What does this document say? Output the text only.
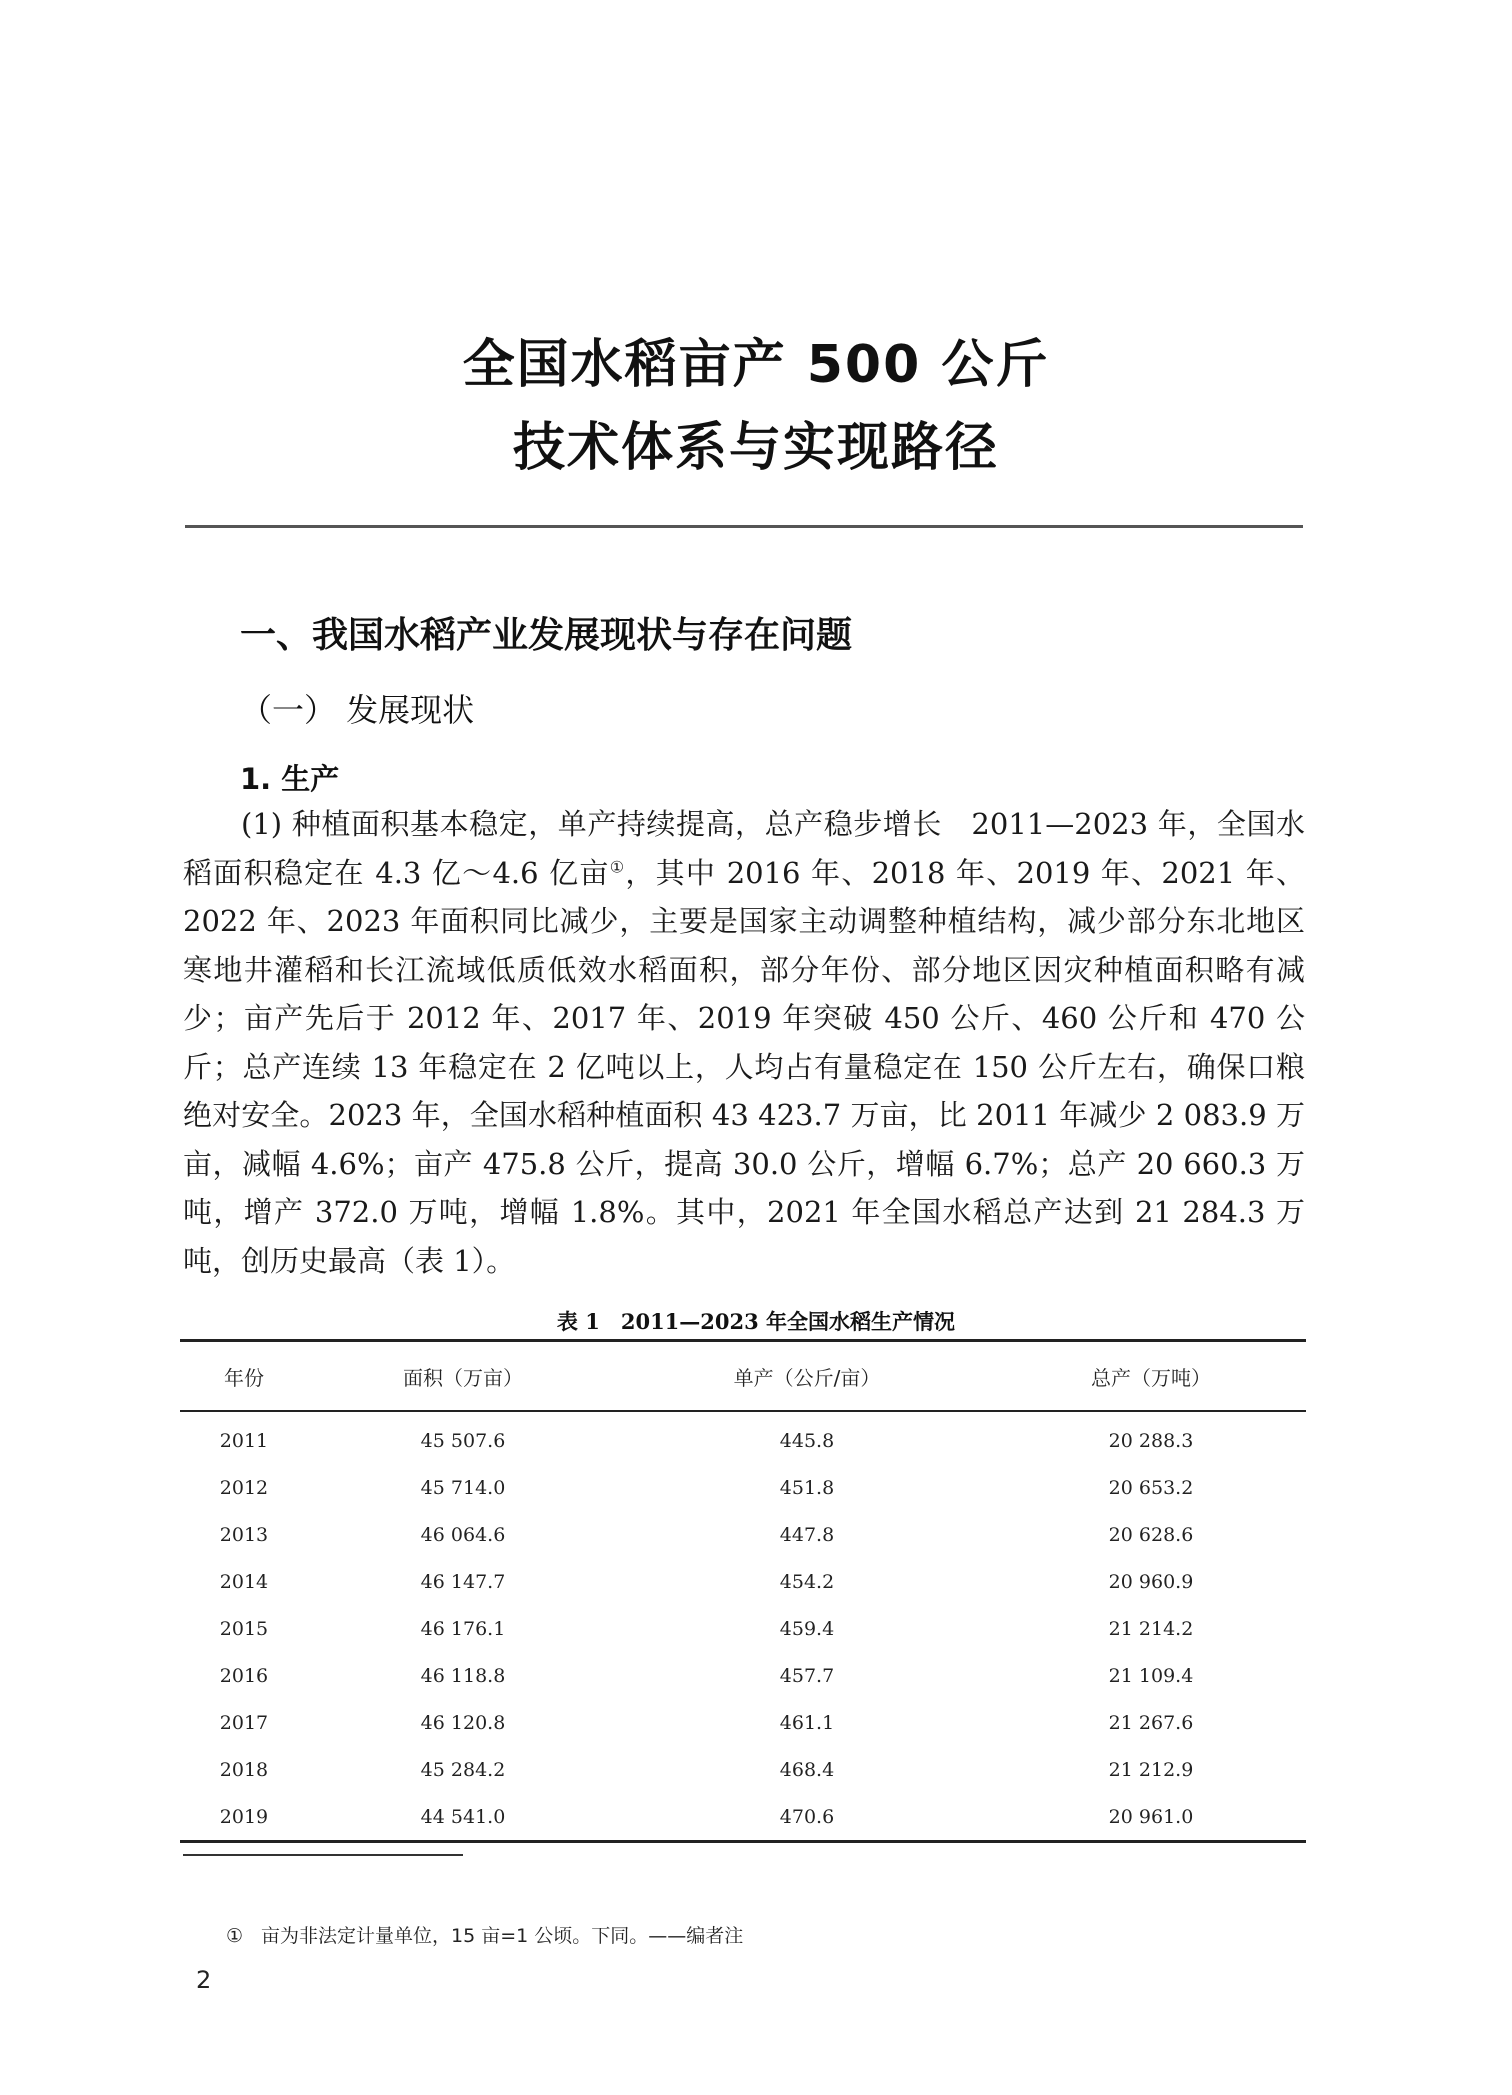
全国水稻亩产 500 公斤
技术体系与实现路径
一、我国水稻产业发展现状与存在问题
（一） 发展现状
1. 生产

(1) 种植面积基本稳定，单产持续提高，总产稳步增长　2011—2023 年，全国水稻面积稳定在 4.3 亿～4.6 亿亩①，其中 2016 年、2018 年、2019 年、2021 年、2022 年、2023 年面积同比减少，主要是国家主动调整种植结构，减少部分东北地区寒地井灌稻和长江流域低质低效水稻面积，部分年份、部分地区因灾种植面积略有减少；亩产先后于 2012 年、2017 年、2019 年突破 450 公斤、460 公斤和 470 公斤；总产连续 13 年稳定在 2 亿吨以上，人均占有量稳定在 150 公斤左右，确保口粮绝对安全。2023 年，全国水稻种植面积 43 423.7 万亩，比 2011 年减少 2 083.9 万亩，减幅 4.6%；亩产 475.8 公斤，提高 30.0 公斤，增幅 6.7%；总产 20 660.3 万吨，增产 372.0 万吨，增幅 1.8%。其中，2021 年全国水稻总产达到 21 284.3 万吨，创历史最高（表 1）。

表 1　2011—2023 年全国水稻生产情况
年份	面积（万亩）	单产（公斤/亩）	总产（万吨）
2011	45 507.6	445.8	20 288.3
2012	45 714.0	451.8	20 653.2
2013	46 064.6	447.8	20 628.6
2014	46 147.7	454.2	20 960.9
2015	46 176.1	459.4	21 214.2
2016	46 118.8	457.7	21 109.4
2017	46 120.8	461.1	21 267.6
2018	45 284.2	468.4	21 212.9
2019	44 541.0	470.6	20 961.0
① 亩为非法定计量单位，15 亩=1 公顷。下同。——编者注
2
